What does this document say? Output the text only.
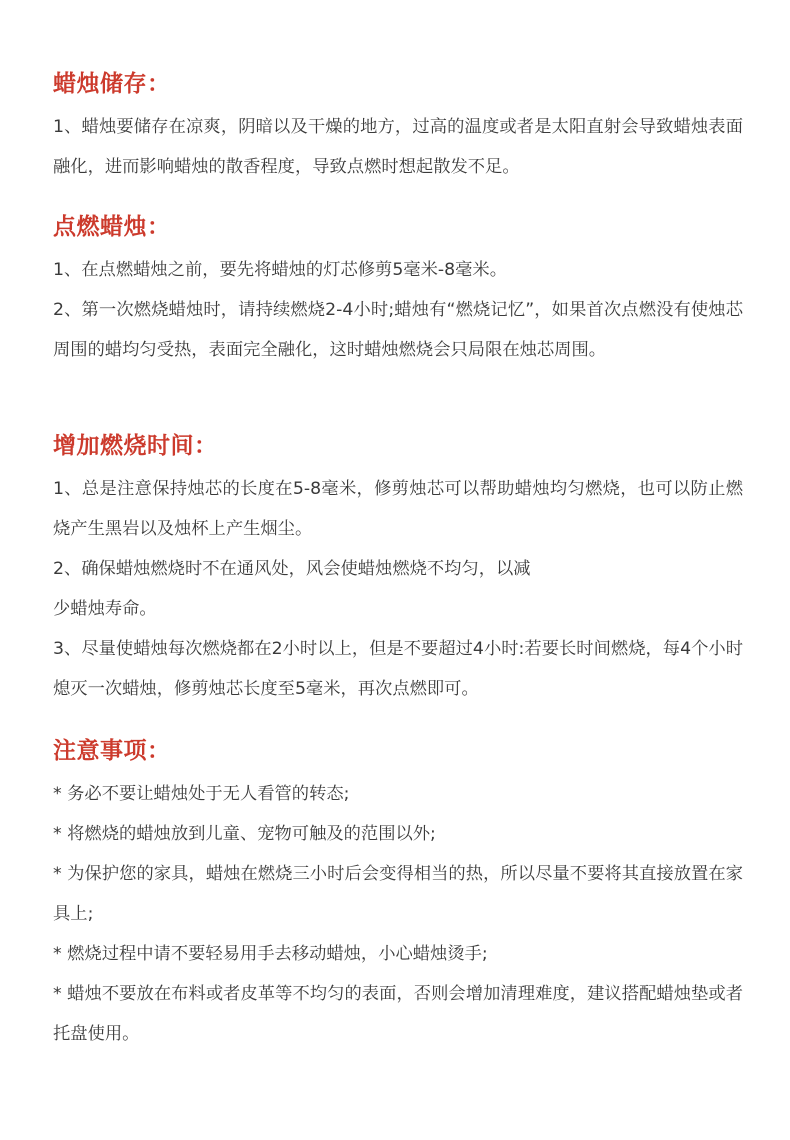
蜡烛储存：

1、蜡烛要储存在凉爽，阴暗以及干燥的地方，过高的温度或者是太阳直射会导致蜡烛表面融化，进而影响蜡烛的散香程度，导致点燃时想起散发不足。

点燃蜡烛：

1、在点燃蜡烛之前，要先将蜡烛的灯芯修剪5毫米-8毫米。

2、第一次燃烧蜡烛时，请持续燃烧2-4小时;蜡烛有“燃烧记忆”，如果首次点燃没有使烛芯周围的蜡均匀受热，表面完全融化，这时蜡烛燃烧会只局限在烛芯周围。

增加燃烧时间：

1、总是注意保持烛芯的长度在5-8毫米，修剪烛芯可以帮助蜡烛均匀燃烧，也可以防止燃烧产生黑岩以及烛杯上产生烟尘。

2、确保蜡烛燃烧时不在通风处，风会使蜡烛燃烧不均匀，以减

少蜡烛寿命。

3、尽量使蜡烛每次燃烧都在2小时以上，但是不要超过4小时:若要长时间燃烧，每4个小时熄灭一次蜡烛，修剪烛芯长度至5毫米，再次点燃即可。

注意事项：

* 务必不要让蜡烛处于无人看管的转态;

* 将燃烧的蜡烛放到儿童、宠物可触及的范围以外;

* 为保护您的家具，蜡烛在燃烧三小时后会变得相当的热，所以尽量不要将其直接放置在家具上;

* 燃烧过程中请不要轻易用手去移动蜡烛，小心蜡烛烫手;

* 蜡烛不要放在布料或者皮革等不均匀的表面，否则会增加清理难度，建议搭配蜡烛垫或者托盘使用。
